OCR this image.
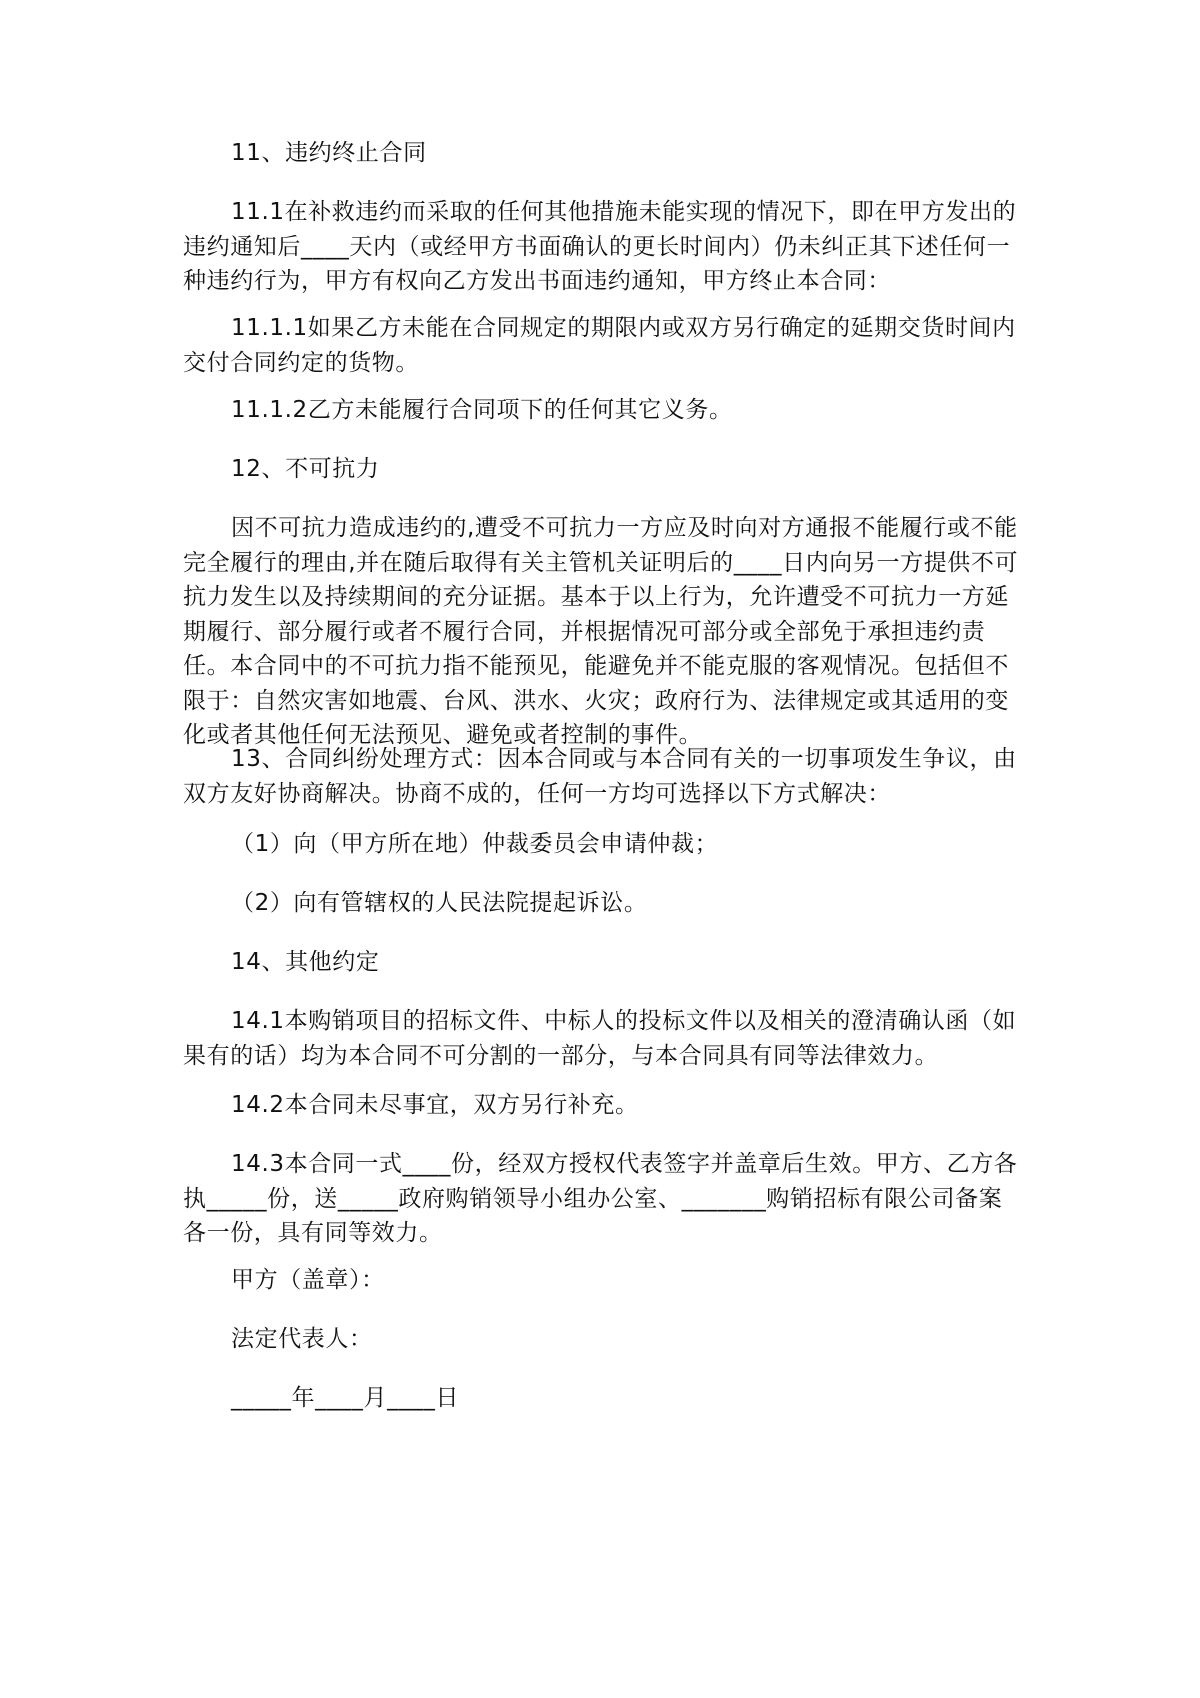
11、违约终止合同

11.1在补救违约而采取的任何其他措施未能实现的情况下，即在甲方发出的违约通知后____天内（或经甲方书面确认的更长时间内）仍未纠正其下述任何一种违约行为，甲方有权向乙方发出书面违约通知，甲方终止本合同：

11.1.1如果乙方未能在合同规定的期限内或双方另行确定的延期交货时间内交付合同约定的货物。

11.1.2乙方未能履行合同项下的任何其它义务。

12、不可抗力

因不可抗力造成违约的,遭受不可抗力一方应及时向对方通报不能履行或不能完全履行的理由,并在随后取得有关主管机关证明后的____日内向另一方提供不可抗力发生以及持续期间的充分证据。基本于以上行为，允许遭受不可抗力一方延期履行、部分履行或者不履行合同，并根据情况可部分或全部免于承担违约责任。本合同中的不可抗力指不能预见，能避免并不能克服的客观情况。包括但不限于：自然灾害如地震、台风、洪水、火灾；政府行为、法律规定或其适用的变化或者其他任何无法预见、避免或者控制的事件。

13、合同纠纷处理方式：因本合同或与本合同有关的一切事项发生争议，由双方友好协商解决。协商不成的，任何一方均可选择以下方式解决：

（1）向（甲方所在地）仲裁委员会申请仲裁；

（2）向有管辖权的人民法院提起诉讼。

14、其他约定

14.1本购销项目的招标文件、中标人的投标文件以及相关的澄清确认函（如果有的话）均为本合同不可分割的一部分，与本合同具有同等法律效力。

14.2本合同未尽事宜，双方另行补充。

14.3本合同一式____份，经双方授权代表签字并盖章后生效。甲方、乙方各执_____份，送_____政府购销领导小组办公室、_______购销招标有限公司备案各一份，具有同等效力。

甲方（盖章）：

法定代表人：

_____年____月____日
